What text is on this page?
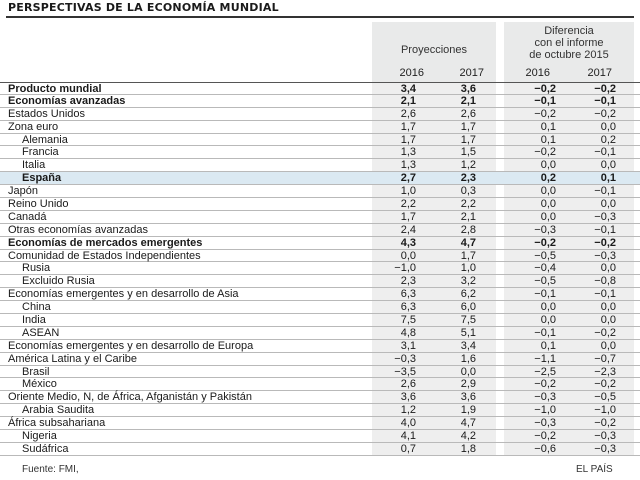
PERSPECTIVAS DE LA ECONOMÍA MUNDIAL
Proyecciones
Diferencia
con el informe
de octubre 2015
2016	2017	2016	2017
Producto mundial	3,4	3,6	−0,2	−0,2
Economías avanzadas	2,1	2,1	−0,1	−0,1
Estados Unidos	2,6	2,6	−0,2	−0,2
Zona euro	1,7	1,7	0,1	0,0
Alemania	1,7	1,7	0,1	0,2
Francia	1,3	1,5	−0,2	−0,1
Italia	1,3	1,2	0,0	0,0
España	2,7	2,3	0,2	0,1
Japón	1,0	0,3	0,0	−0,1
Reino Unido	2,2	2,2	0,0	0,0
Canadá	1,7	2,1	0,0	−0,3
Otras economías avanzadas	2,4	2,8	−0,3	−0,1
Economías de mercados emergentes	4,3	4,7	−0,2	−0,2
Comunidad de Estados Independientes	0,0	1,7	−0,5	−0,3
Rusia	−1,0	1,0	−0,4	0,0
Excluido Rusia	2,3	3,2	−0,5	−0,8
Economías emergentes y en desarrollo de Asia	6,3	6,2	−0,1	−0,1
China	6,3	6,0	0,0	0,0
India	7,5	7,5	0,0	0,0
ASEAN	4,8	5,1	−0,1	−0,2
Economías emergentes y en desarrollo de Europa	3,1	3,4	0,1	0,0
América Latina y el Caribe	−0,3	1,6	−1,1	−0,7
Brasil	−3,5	0,0	−2,5	−2,3
México	2,6	2,9	−0,2	−0,2
Oriente Medio, N, de África, Afganistán y Pakistán	3,6	3,6	−0,3	−0,5
Arabia Saudita	1,2	1,9	−1,0	−1,0
África subsahariana	4,0	4,7	−0,3	−0,2
Nigeria	4,1	4,2	−0,2	−0,3
Sudáfrica	0,7	1,8	−0,6	−0,3
Fuente: FMI,	EL PAÍS
